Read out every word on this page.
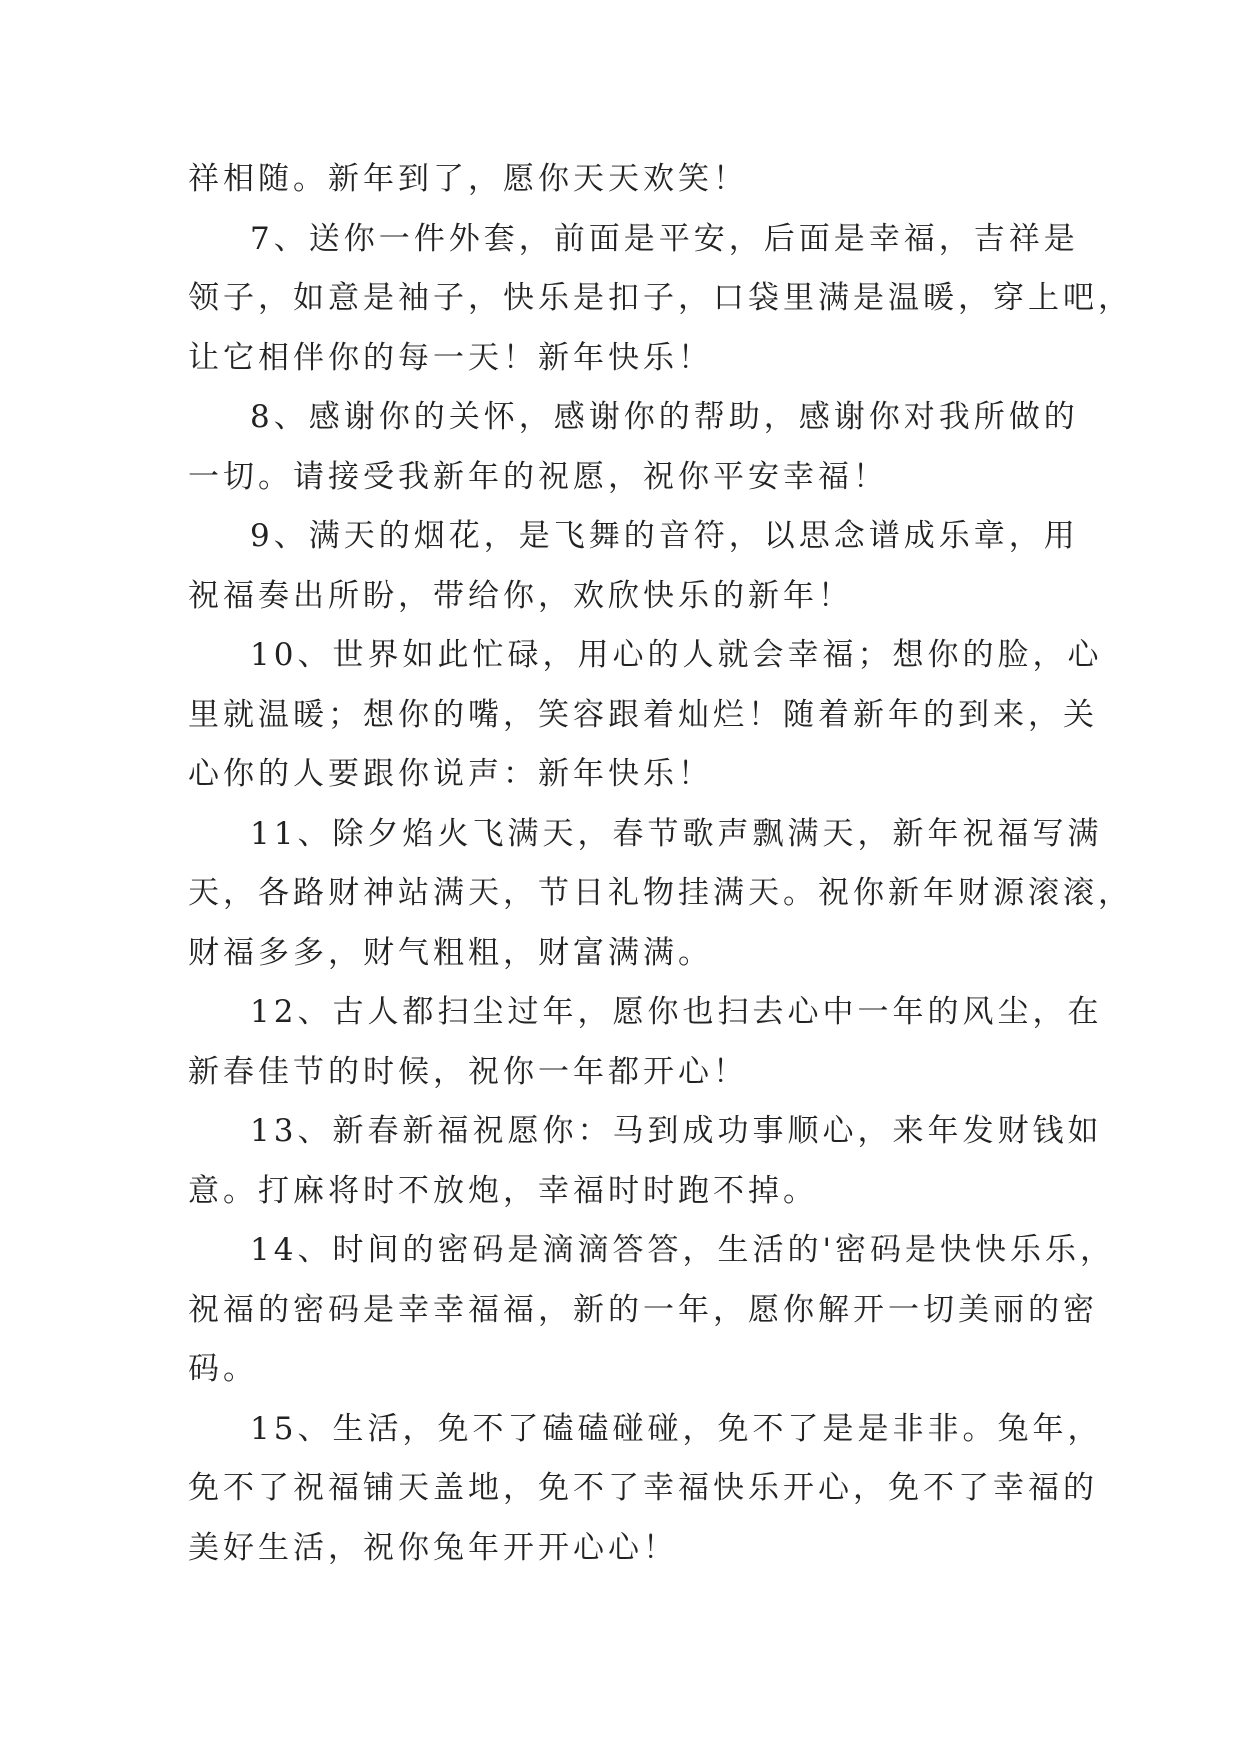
祥相随。新年到了，愿你天天欢笑！

7、送你一件外套，前面是平安，后面是幸福，吉祥是
领子，如意是袖子，快乐是扣子，口袋里满是温暖，穿上吧，
让它相伴你的每一天！新年快乐！

8、感谢你的关怀，感谢你的帮助，感谢你对我所做的
一切。请接受我新年的祝愿，祝你平安幸福！

9、满天的烟花，是飞舞的音符，以思念谱成乐章，用
祝福奏出所盼，带给你，欢欣快乐的新年！

10、世界如此忙碌，用心的人就会幸福；想你的脸，心
里就温暖；想你的嘴，笑容跟着灿烂！随着新年的到来，关
心你的人要跟你说声：新年快乐！

11、除夕焰火飞满天，春节歌声飘满天，新年祝福写满
天，各路财神站满天，节日礼物挂满天。祝你新年财源滚滚，
财福多多，财气粗粗，财富满满。

12、古人都扫尘过年，愿你也扫去心中一年的风尘，在
新春佳节的时候，祝你一年都开心！

13、新春新福祝愿你：马到成功事顺心，来年发财钱如
意。打麻将时不放炮，幸福时时跑不掉。

14、时间的密码是滴滴答答，生活的'密码是快快乐乐，
祝福的密码是幸幸福福，新的一年，愿你解开一切美丽的密
码。

15、生活，免不了磕磕碰碰，免不了是是非非。兔年，
免不了祝福铺天盖地，免不了幸福快乐开心，免不了幸福的
美好生活，祝你兔年开开心心！
